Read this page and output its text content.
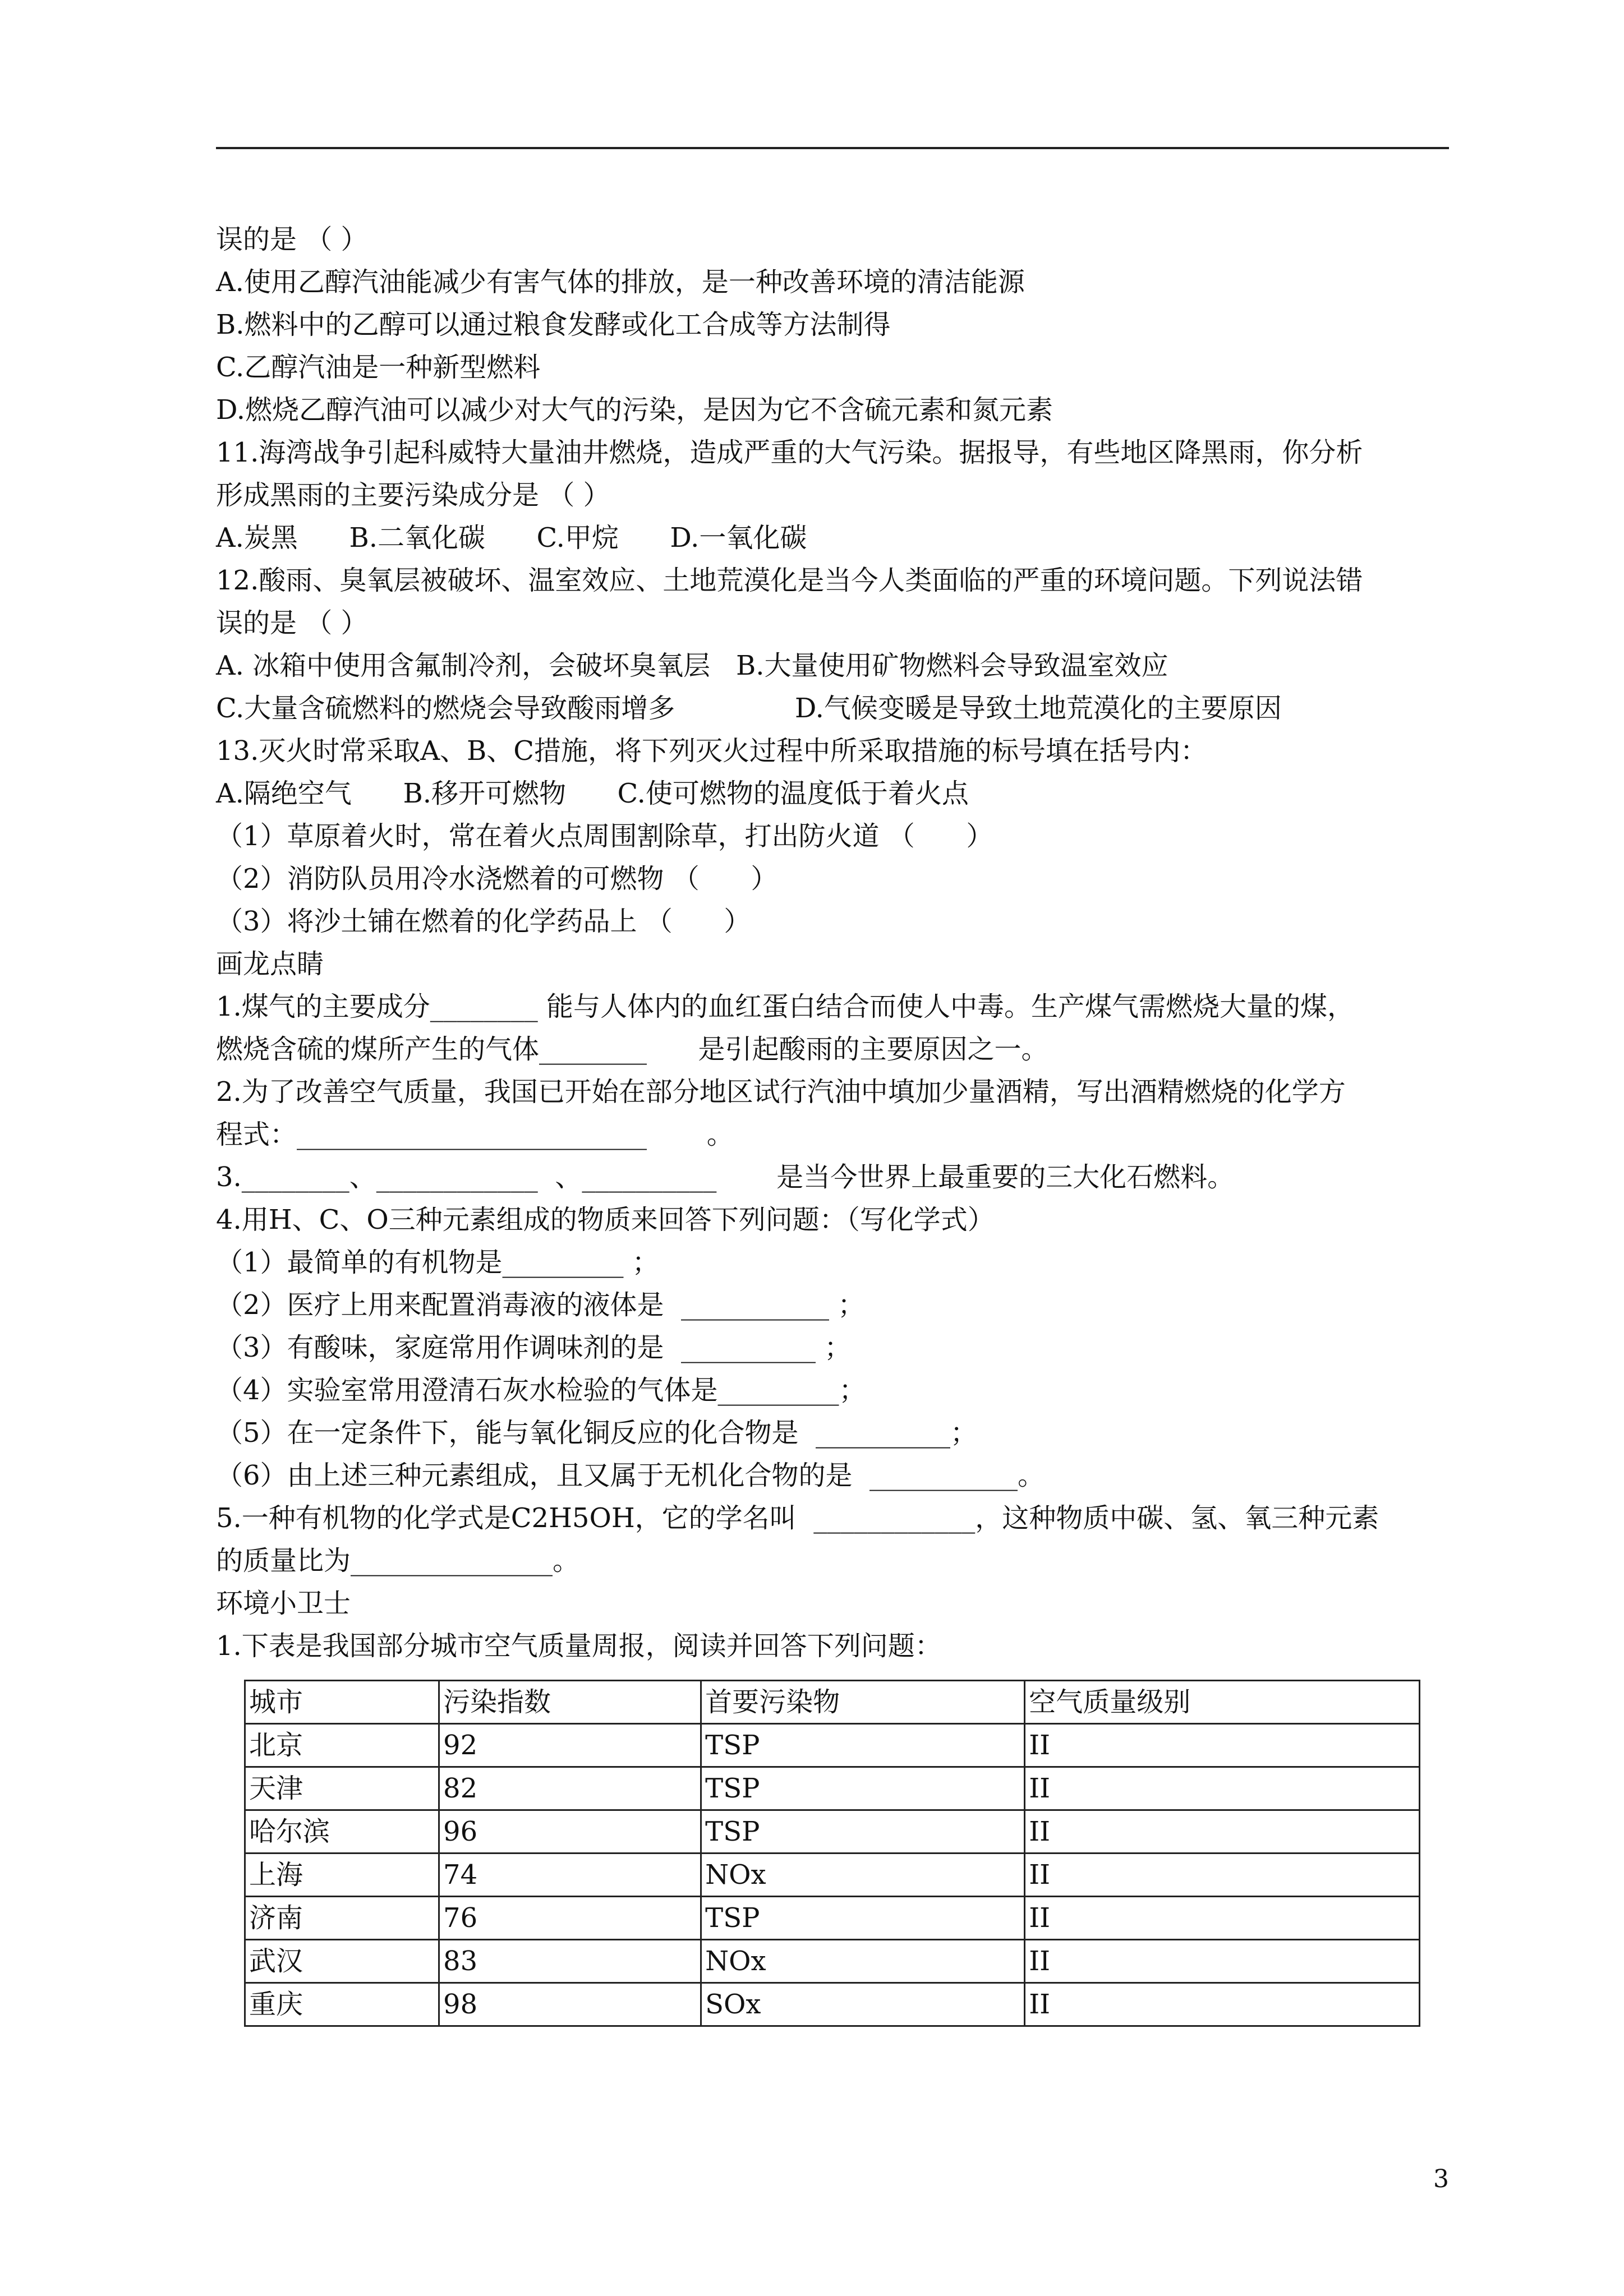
误的是 （ ）
A.使用乙醇汽油能减少有害气体的排放，是一种改善环境的清洁能源
B.燃料中的乙醇可以通过粮食发酵或化工合成等方法制得
C.乙醇汽油是一种新型燃料
D.燃烧乙醇汽油可以减少对大气的污染，是因为它不含硫元素和氮元素
11.海湾战争引起科威特大量油井燃烧，造成严重的大气污染。据报导，有些地区降黑雨，你分析
形成黑雨的主要污染成分是 （ ）
A.炭黑      B.二氧化碳      C.甲烷      D.一氧化碳
12.酸雨、臭氧层被破坏、温室效应、土地荒漠化是当今人类面临的严重的环境问题。下列说法错
误的是 （ ）
A. 冰箱中使用含氟制冷剂，会破坏臭氧层   B.大量使用矿物燃料会导致温室效应
C.大量含硫燃料的燃烧会导致酸雨增多              D.气候变暖是导致土地荒漠化的主要原因
13.灭火时常采取A、B、C措施，将下列灭火过程中所采取措施的标号填在括号内：
A.隔绝空气      B.移开可燃物      C.使可燃物的温度低于着火点
（1）草原着火时，常在着火点周围割除草，打出防火道 （      ）
（2）消防队员用冷水浇燃着的可燃物 （      ）
（3）将沙土铺在燃着的化学药品上 （      ）
画龙点睛
1.煤气的主要成分________ 能与人体内的血红蛋白结合而使人中毒。生产煤气需燃烧大量的煤，
燃烧含硫的煤所产生的气体________      是引起酸雨的主要原因之一。
2.为了改善空气质量，我国已开始在部分地区试行汽油中填加少量酒精，写出酒精燃烧的化学方
程式：__________________________       。
3.________、____________  、__________       是当今世界上最重要的三大化石燃料。
4.用H、C、O三种元素组成的物质来回答下列问题：（写化学式）
（1）最简单的有机物是_________ ；
（2）医疗上用来配置消毒液的液体是  ___________ ；
（3）有酸味，家庭常用作调味剂的是  __________ ；
（4）实验室常用澄清石灰水检验的气体是_________；
（5）在一定条件下，能与氧化铜反应的化合物是  __________；
（6）由上述三种元素组成，且又属于无机化合物的是  ___________。
5.一种有机物的化学式是C2H5OH，它的学名叫  ____________，这种物质中碳、氢、氧三种元素
的质量比为_______________。
环境小卫士
1.下表是我国部分城市空气质量周报，阅读并回答下列问题：
城市	污染指数	首要污染物	空气质量级别
北京	92	TSP	II
天津	82	TSP	II
哈尔滨	96	TSP	II
上海	74	NOx	II
济南	76	TSP	II
武汉	83	NOx	II
重庆	98	SOx	II
3
